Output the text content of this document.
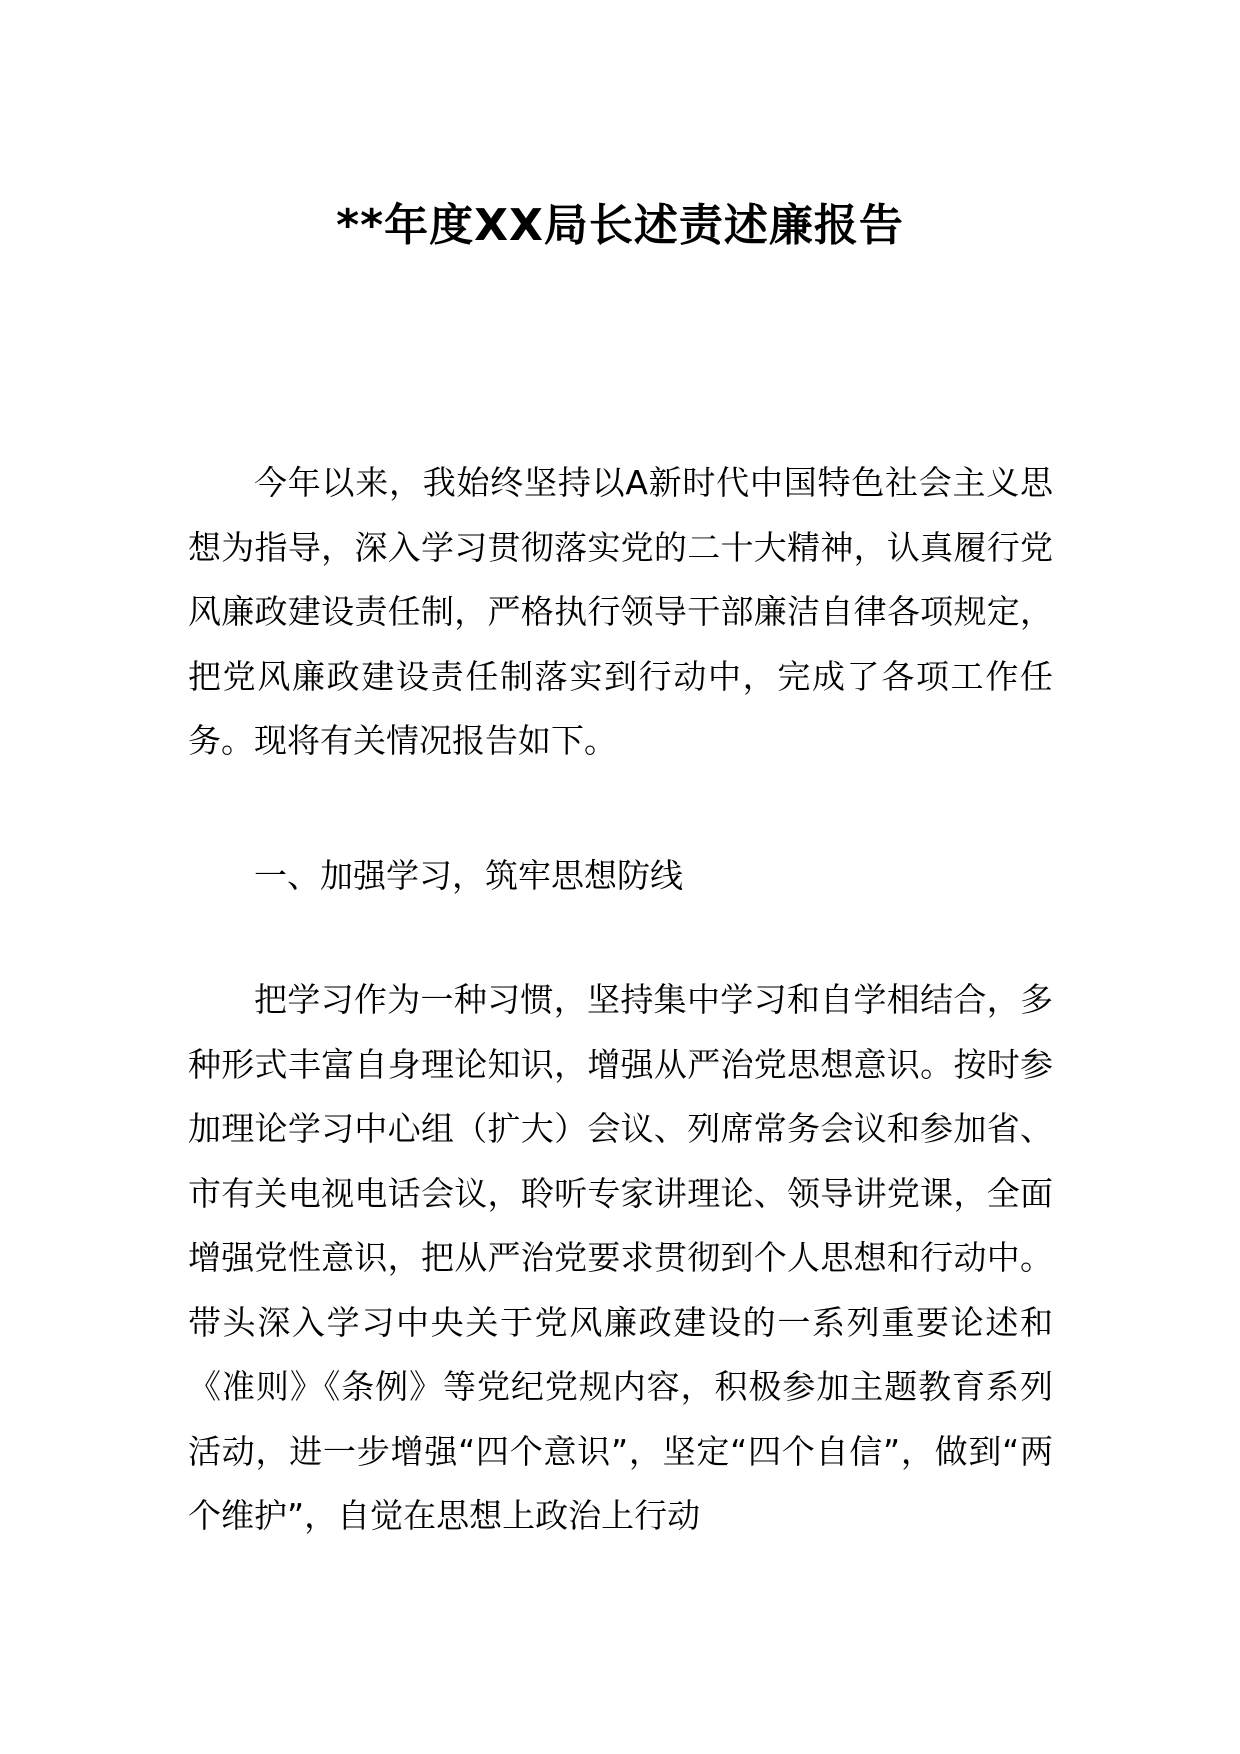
**年度XX局长述责述廉报告

今年以来，我始终坚持以A新时代中国特色社会主义思想为指导，深入学习贯彻落实党的二十大精神，认真履行党风廉政建设责任制，严格执行领导干部廉洁自律各项规定，把党风廉政建设责任制落实到行动中，完成了各项工作任务。现将有关情况报告如下。

一、加强学习，筑牢思想防线

把学习作为一种习惯，坚持集中学习和自学相结合，多种形式丰富自身理论知识，增强从严治党思想意识。按时参加理论学习中心组（扩大）会议、列席常务会议和参加省、市有关电视电话会议，聆听专家讲理论、领导讲党课，全面增强党性意识，把从严治党要求贯彻到个人思想和行动中。带头深入学习中央关于党风廉政建设的一系列重要论述和《准则》《条例》等党纪党规内容，积极参加主题教育系列活动，进一步增强“四个意识”，坚定“四个自信”，做到“两个维护”，自觉在思想上政治上行动
